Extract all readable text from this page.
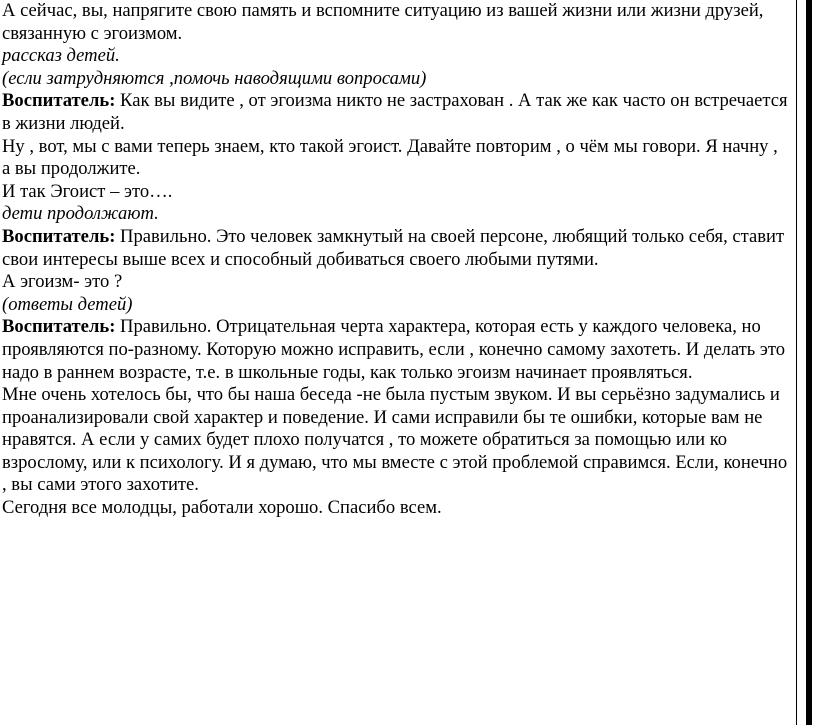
А сейчас, вы, напрягите свою память и вспомните ситуацию из вашей жизни или жизни друзей, связанную с эгоизмом.

рассказ детей.

(если затрудняются ,помочь наводящими вопросами)

Воспитатель: Как вы видите , от эгоизма никто не застрахован . А так же как часто он встречается в жизни людей.

Ну , вот, мы с вами теперь знаем, кто такой эгоист. Давайте повторим , о чём мы говори. Я начну , а вы продолжите.

И так Эгоист – это….

дети продолжают.

Воспитатель: Правильно. Это человек замкнутый на своей персоне, любящий только себя, ставит свои интересы выше всех и способный добиваться своего любыми путями.

А эгоизм- это ?

(ответы детей)

Воспитатель: Правильно. Отрицательная черта характера, которая есть у каждого человека, но проявляются по-разному. Которую можно исправить, если , конечно самому захотеть. И делать это надо в раннем возрасте, т.е. в школьные годы, как только эгоизм начинает проявляться.

Мне очень хотелось бы, что бы наша беседа -не была пустым звуком. И вы серьёзно задумались и проанализировали свой характер и поведение. И сами исправили бы те ошибки, которые вам не нравятся. А если у самих будет плохо получатся , то можете обратиться за помощью или ко взрослому, или к психологу. И я думаю, что мы вместе с этой проблемой справимся. Если, конечно , вы сами этого захотите.

Сегодня все молодцы, работали хорошо. Спасибо всем.
